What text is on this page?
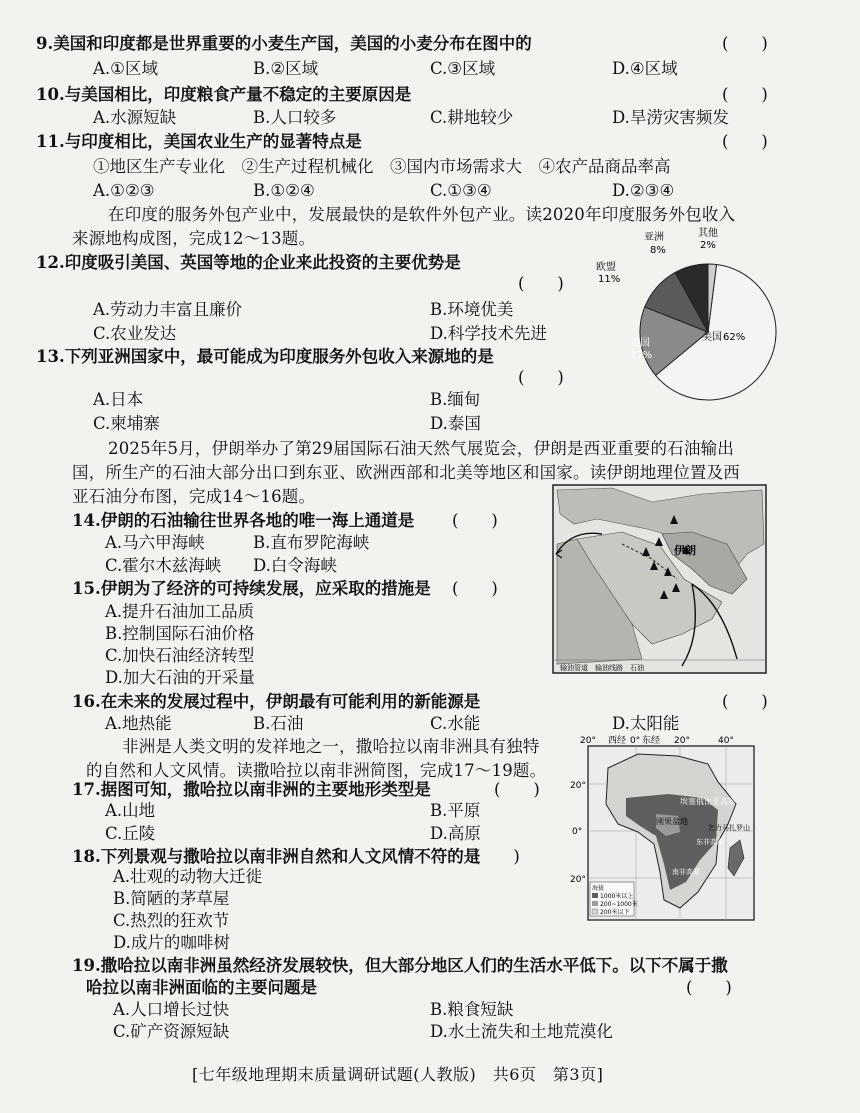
9.美国和印度都是世界重要的小麦生产国，美国的小麦分布在图中的	(　　)
A.①区域	B.②区域	C.③区域	D.④区域
10.与美国相比，印度粮食产量不稳定的主要原因是	(　　)
A.水源短缺	B.人口较多	C.耕地较少	D.旱涝灾害频发
11.与印度相比，美国农业生产的显著特点是	(　　)
①地区生产专业化　②生产过程机械化　③国内市场需求大　④农产品商品率高
A.①②③	B.①②④	C.①③④	D.②③④
在印度的服务外包产业中，发展最快的是软件外包产业。读2020年印度服务外包收入
来源地构成图，完成12～13题。
12.印度吸引美国、英国等地的企业来此投资的主要优势是
(　　)
A.劳动力丰富且廉价	B.环境优美
C.农业发达	D.科学技术先进
13.下列亚洲国家中，最可能成为印度服务外包收入来源地的是
(　　)
A.日本	B.缅甸
C.柬埔寨	D.泰国
亚洲
8%
其他
2%
欧盟
11%
英国
17%
美国 62%
2025年5月，伊朗举办了第29届国际石油天然气展览会，伊朗是西亚重要的石油输出
国，所生产的石油大部分出口到东亚、欧洲西部和北美等地区和国家。读伊朗地理位置及西
亚石油分布图，完成14～16题。
14.伊朗的石油输往世界各地的唯一海上通道是 (　　)
A.马六甲海峡	B.直布罗陀海峡
C.霍尔木兹海峡 D.白令海峡
15.伊朗为了经济的可持续发展，应采取的措施是 (　　)
A.提升石油加工品质
B.控制国际石油价格
C.加快石油经济转型
D.加大石油的开采量
伊朗
输油管道　输油线路　石油
16.在未来的发展过程中，伊朗最有可能利用的新能源是	(　　)
A.地热能	B.石油	C.水能	D.太阳能
非洲是人类文明的发祥地之一，撒哈拉以南非洲具有独特
的自然和人文风情。读撒哈拉以南非洲简图，完成17～19题。
17.据图可知，撒哈拉以南非洲的主要地形类型是	(　　)
A.山地	B.平原
C.丘陵	D.高原
18.下列景观与撒哈拉以南非洲自然和人文风情不符的是
(　　)
A.壮观的动物大迁徙
B.简陋的茅草屋
C.热烈的狂欢节
D.成片的咖啡树
20° 西经 0° 东经 20°	40°
20°
0°
20°
埃塞俄比亚高原
刚果盆地
乞力马扎罗山
东非高原
南非高原
海拔
1000米以上
200~1000米
200米以下
19.撒哈拉以南非洲虽然经济发展较快，但大部分地区人们的生活水平低下。以下不属于撒
哈拉以南非洲面临的主要问题是	(　　)
A.人口增长过快	B.粮食短缺
C.矿产资源短缺	D.水土流失和土地荒漠化
[七年级地理期末质量调研试题(人教版)　共6页　第3页]
